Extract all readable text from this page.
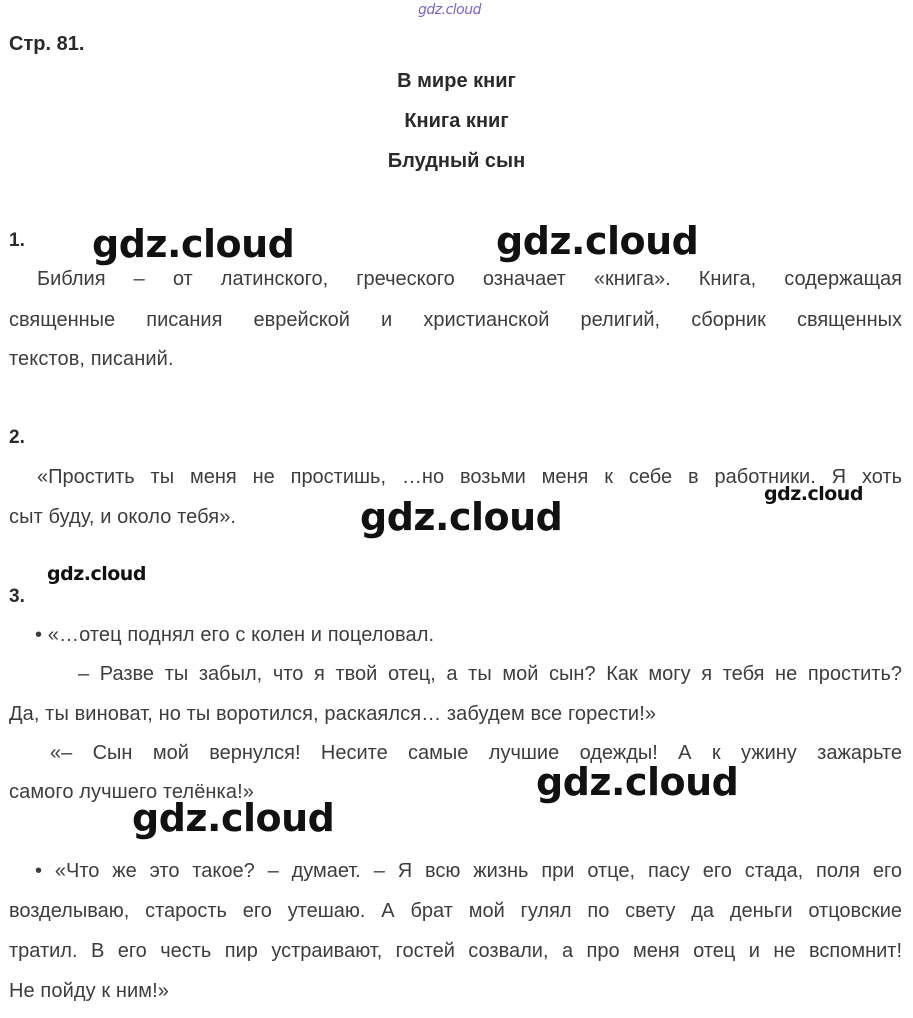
gdz.cloud
Стр. 81.
В мире книг
Книга книг
Блудный сын
1.
Библия – от латинского, греческого означает «книга». Книга, содержащая
священные писания еврейской и христианской религий, сборник священных
текстов, писаний.
2.
«Простить ты меня не простишь, …но возьми меня к себе в работники. Я хоть
сыт буду, и около тебя».
3.
• «…отец поднял его с колен и поцеловал.
– Разве ты забыл, что я твой отец, а ты мой сын? Как могу я тебя не простить?
Да, ты виноват, но ты воротился, раскаялся… забудем все горести!»
«– Сын мой вернулся! Несите самые лучшие одежды! А к ужину зажарьте
самого лучшего телёнка!»
• «Что же это такое? – думает. – Я всю жизнь при отце, пасу его стада, поля его
возделываю, старость его утешаю. А брат мой гулял по свету да деньги отцовские
тратил. В его честь пир устраивают, гостей созвали, а про меня отец и не вспомнит!
Не пойду к ним!»
gdz.cloud	gdz.cloud
gdz.cloud
gdz.cloud
gdz.cloud
gdz.cloud
gdz.cloud
